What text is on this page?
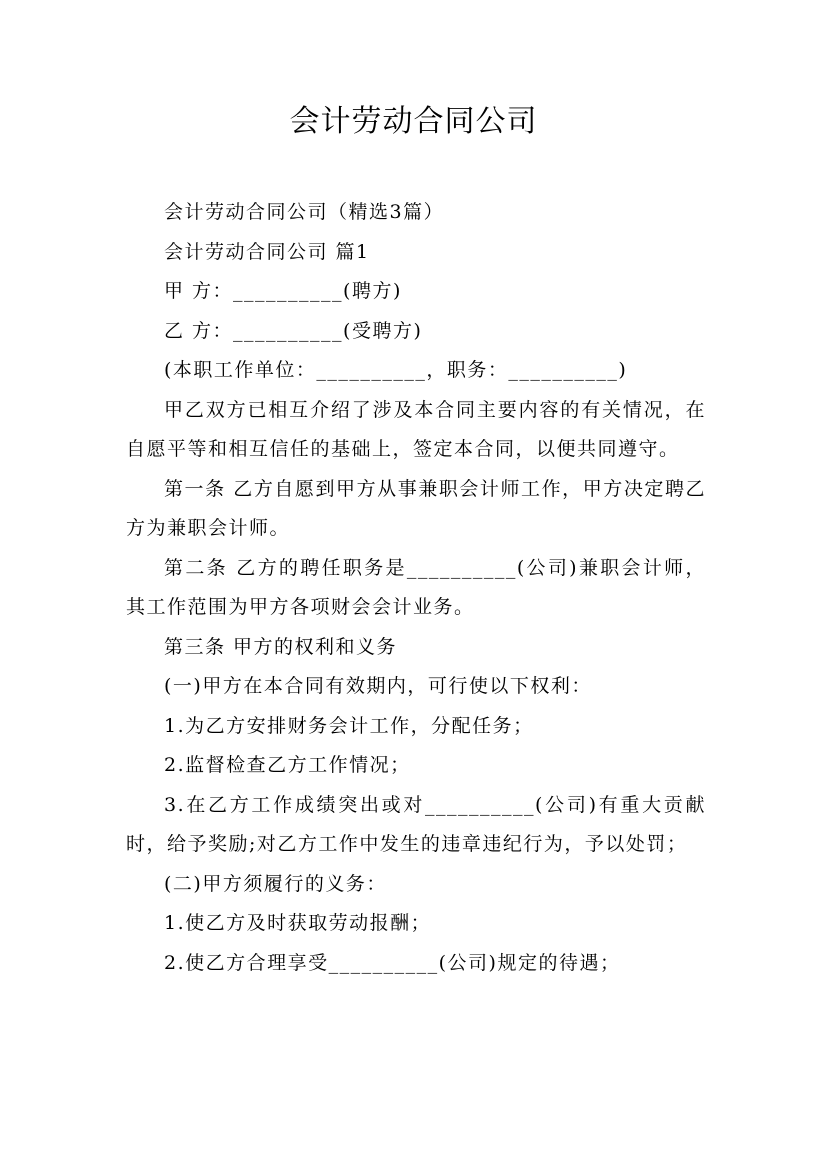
会计劳动合同公司

会计劳动合同公司（精选3篇）

会计劳动合同公司 篇1

甲 方：__________(聘方)

乙 方：__________(受聘方)

(本职工作单位：__________，职务：__________)

甲乙双方已相互介绍了涉及本合同主要内容的有关情况，在自愿平等和相互信任的基础上，签定本合同，以便共同遵守。

第一条 乙方自愿到甲方从事兼职会计师工作，甲方决定聘乙方为兼职会计师。

第二条 乙方的聘任职务是__________(公司)兼职会计师，其工作范围为甲方各项财会会计业务。

第三条 甲方的权利和义务

(一)甲方在本合同有效期内，可行使以下权利：

1.为乙方安排财务会计工作，分配任务；

2.监督检查乙方工作情况；

3.在乙方工作成绩突出或对__________(公司)有重大贡献时，给予奖励;对乙方工作中发生的违章违纪行为，予以处罚；

(二)甲方须履行的义务：

1.使乙方及时获取劳动报酬；

2.使乙方合理享受__________(公司)规定的待遇；
